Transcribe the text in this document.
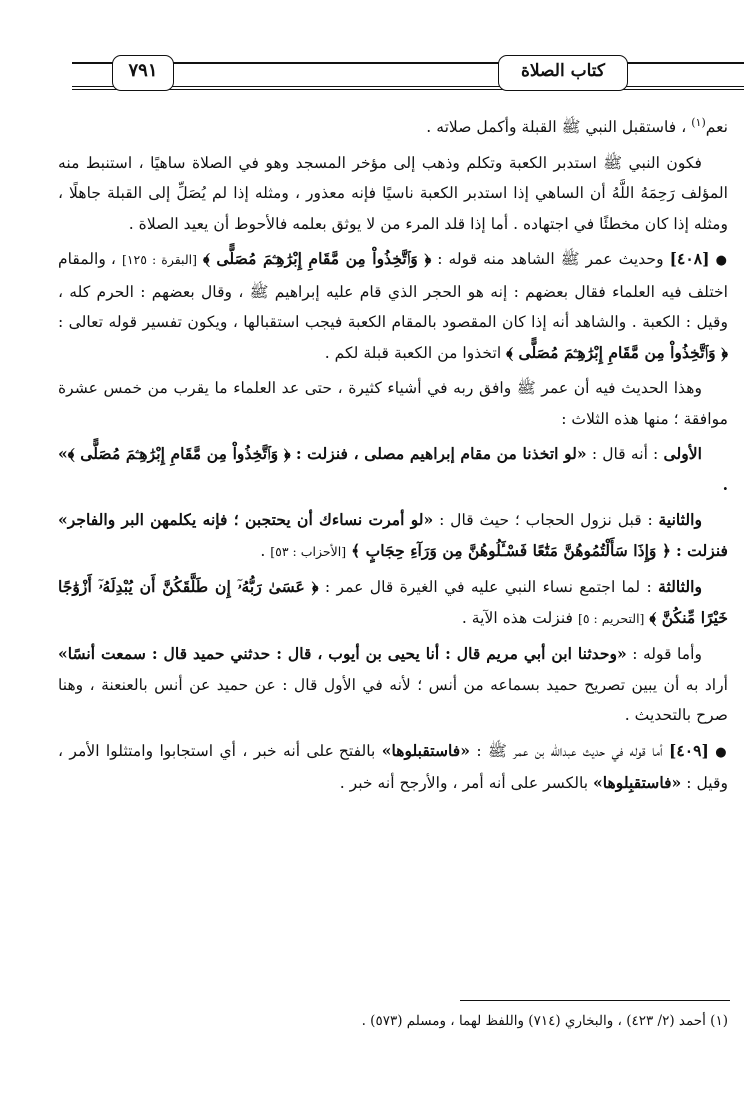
كتاب الصلاة
٧٩١

نعم$^{(١)}$ ، فاستقبل النبي ﷺ القبلة وأكمل صلاته .

فكون النبي ﷺ استدبر الكعبة وتكلم وذهب إلى مؤخر المسجد وهو في الصلاة ساهيًا ، استنبط منه المؤلف رَحِمَهُ اللَّهُ أن الساهي إذا استدبر الكعبة ناسيًا فإنه معذور ، ومثله إذا لم يُصَلِّ إلى القبلة جاهلًا ، ومثله إذا كان مخطئًا في اجتهاده . أما إذا قلد المرء من لا يوثق بعلمه فالأحوط أن يعيد الصلاة .

● [٤٠٨] وحديث عمر ﷺ الشاهد منه قوله : ﴿ وَٱتَّخِذُواْ مِن مَّقَامِ إِبْرَٰهِـۧمَ مُصَلًّى ﴾ [البقرة : ١٢٥] ، والمقام اختلف فيه العلماء فقال بعضهم : إنه هو الحجر الذي قام عليه إبراهيم ﷺ ، وقال بعضهم : الحرم كله ، وقيل : الكعبة . والشاهد أنه إذا كان المقصود بالمقام الكعبة فيجب استقبالها ، ويكون تفسير قوله تعالى : ﴿ وَٱتَّخِذُواْ مِن مَّقَامِ إِبْرَٰهِـۧمَ مُصَلًّى ﴾ اتخذوا من الكعبة قبلة لكم .

وهذا الحديث فيه أن عمر ﷺ وافق ربه في أشياء كثيرة ، حتى عد العلماء ما يقرب من خمس عشرة موافقة ؛ منها هذه الثلاث :

الأولى : أنه قال : «لو اتخذنا من مقام إبراهيم مصلى ، فنزلت : ﴿ وَٱتَّخِذُواْ مِن مَّقَامِ إِبْرَٰهِـۧمَ مُصَلًّى ﴾» .

والثانية : قبل نزول الحجاب ؛ حيث قال : «لو أمرت نساءك أن يحتجبن ؛ فإنه يكلمهن البر والفاجر» فنزلت : ﴿ وَإِذَا سَأَلْتُمُوهُنَّ مَتَٰعًا فَسْـَٔلُوهُنَّ مِن وَرَآءِ حِجَابٍ ﴾ [الأحزاب : ٥٣] .

والثالثة : لما اجتمع نساء النبي عليه في الغيرة قال عمر : ﴿ عَسَىٰ رَبُّهُۥٓ إِن طَلَّقَكُنَّ أَن يُبْدِلَهُۥٓ أَزْوَٰجًا خَيْرًا مِّنكُنَّ ﴾ [التحريم : ٥] فنزلت هذه الآية .

وأما قوله : «وحدثنا ابن أبي مريم قال : أنا يحيى بن أيوب ، قال : حدثني حميد قال : سمعت أنسًا» أراد به أن يبين تصريح حميد بسماعه من أنس ؛ لأنه في الأول قال : عن حميد عن أنس بالعنعنة ، وهنا صرح بالتحديث .

● [٤٠٩] أما قوله في حديث عبدالله بن عمر ﷺ : «فاستقبلوها» بالفتح على أنه خبر ، أي استجابوا وامتثلوا الأمر ، وقيل : «فاستقبِلوها» بالكسر على أنه أمر ، والأرجح أنه خبر .

(١) أحمد (٢/ ٤٢٣) ، والبخاري (٧١٤) واللفظ لهما ، ومسلم (٥٧٣) .
